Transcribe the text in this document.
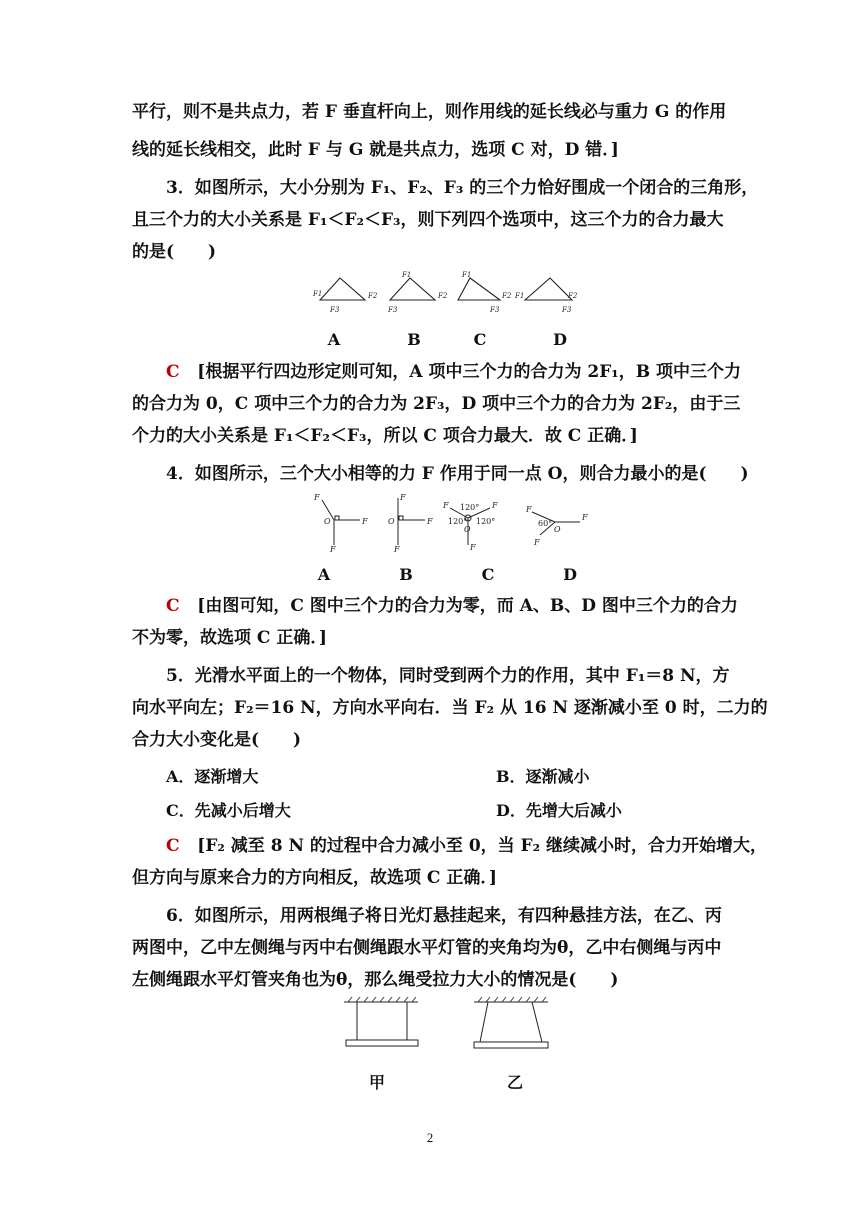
平行，则不是共点力，若 F 垂直杆向上，则作用线的延长线必与重力 G 的作用
线的延长线相交，此时 F 与 G 就是共点力，选项 C 对，D 错．]
3．如图所示，大小分别为 F₁、F₂、F₃ 的三个力恰好围成一个闭合的三角形，
且三个力的大小关系是 F₁＜F₂＜F₃，则下列四个选项中，这三个力的合力最大
的是(　　)
F1	F2
F3
F1
F2
F3
F1
F2
F3
F1	F2
F3
A	B	C	D
C [根据平行四边形定则可知，A 项中三个力的合力为 2F₁，B 项中三个力
的合力为 0，C 项中三个力的合力为 2F₃，D 项中三个力的合力为 2F₂，由于三
个力的大小关系是 F₁＜F₂＜F₃，所以 C 项合力最大．故 C 正确．]
4．如图所示，三个大小相等的力 F 作用于同一点 O，则合力最小的是(　　)
F
O	F
F
F
O	F
F
F 120° F
120° 120°
O
F
F
60°
O
F
F
A	B	C	D
C [由图可知，C 图中三个力的合力为零，而 A、B、D 图中三个力的合力
不为零，故选项 C 正确．]
5．光滑水平面上的一个物体，同时受到两个力的作用，其中 F₁＝8 N，方
向水平向左；F₂＝16 N，方向水平向右．当 F₂ 从 16 N 逐渐减小至 0 时，二力的
合力大小变化是(　　)
A．逐渐增大	B．逐渐减小
C．先减小后增大	D．先增大后减小
C [F₂ 减至 8 N 的过程中合力减小至 0，当 F₂ 继续减小时，合力开始增大，
但方向与原来合力的方向相反，故选项 C 正确．]
6．如图所示，用两根绳子将日光灯悬挂起来，有四种悬挂方法，在乙、丙
两图中，乙中左侧绳与丙中右侧绳跟水平灯管的夹角均为θ，乙中右侧绳与丙中
左侧绳跟水平灯管夹角也为θ，那么绳受拉力大小的情况是(　　)
甲	乙
2
